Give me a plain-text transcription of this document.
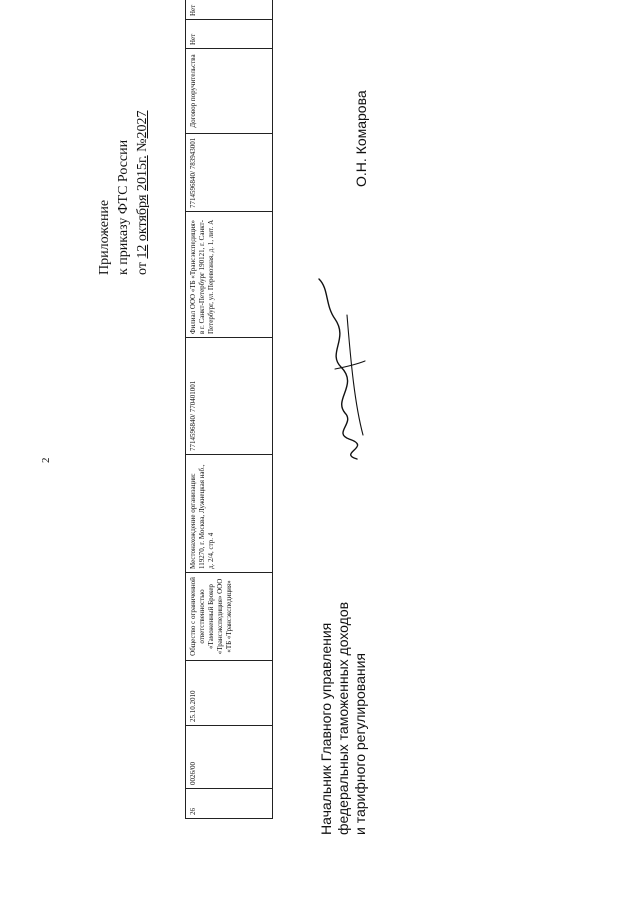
2
Приложение к приказу ФТС России от 12 октября 2015г. №2027
26	0026/00	25.10.2010	Общество с ограниченной ответственностью «Таможенный Брокер «Трансэкспедиция» ООО «ТБ «Трансэкспедиция»	Местонахождение организации: 119270, г. Москва, Лужнецкая наб., д. 2/4, стр. 4	7714596840/ 770401001	Филиал ООО «ТБ «Трансэкспедиция» в г. Санкт-Петербург 190121, г. Санкт-Петербург, ул. Перевозная, д. 1, лит. А	7714596840/ 783943001	Договор поручительства	Нет	Нет		
Начальник Главного управления федеральных таможенных доходов и тарифного регулирования
О.Н. Комарова
